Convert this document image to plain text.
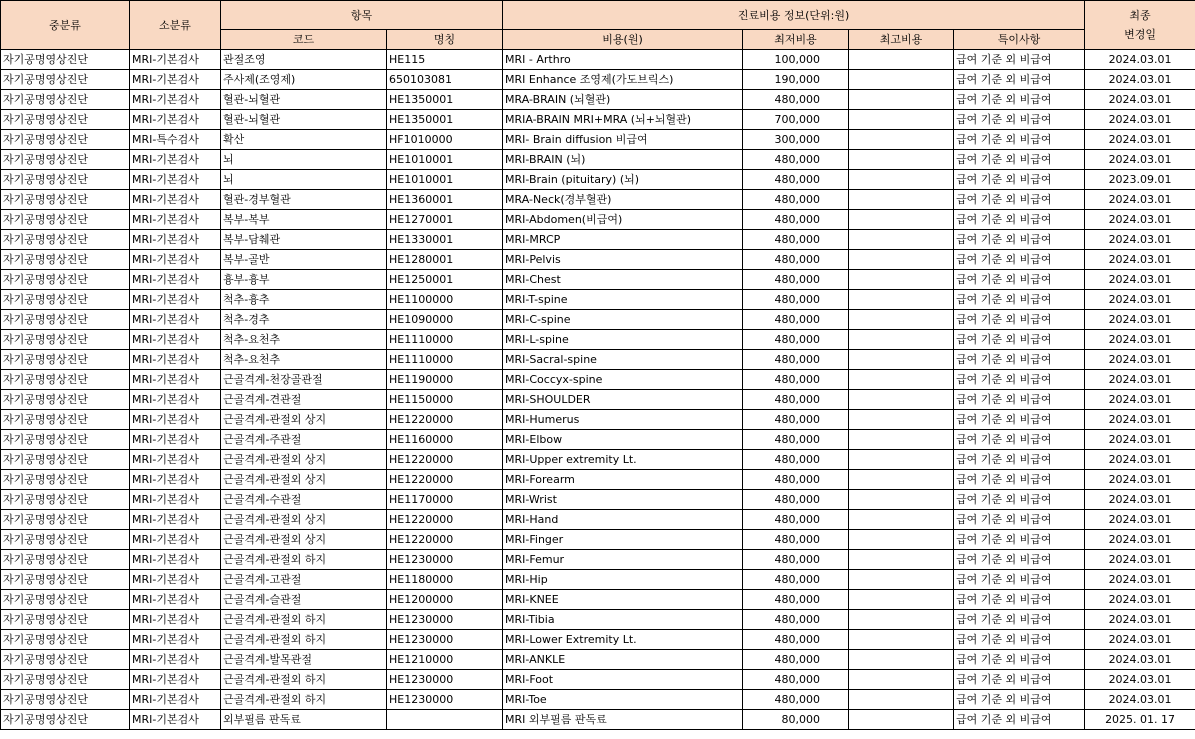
중분류	소분류	항목		진료비용 정보(단위:원)				최종
변경일
		코드	명칭	비용(원)	최저비용	최고비용	특이사항	
자기공명영상진단	MRI-기본검사	관절조영	HE115	MRI - Arthro	100,000		급여 기준 외 비급여	2024.03.01
자기공명영상진단	MRI-기본검사	주사제(조영제)	650103081	MRI Enhance 조영제(가도브릭스)	190,000		급여 기준 외 비급여	2024.03.01
자기공명영상진단	MRI-기본검사	혈관-뇌혈관	HE1350001	MRA-BRAIN (뇌혈관)	480,000		급여 기준 외 비급여	2024.03.01
자기공명영상진단	MRI-기본검사	혈관-뇌혈관	HE1350001	MRIA-BRAIN MRI+MRA (뇌+뇌혈관)	700,000		급여 기준 외 비급여	2024.03.01
자기공명영상진단	MRI-특수검사	확산	HF1010000	MRI- Brain diffusion 비급여	300,000		급여 기준 외 비급여	2024.03.01
자기공명영상진단	MRI-기본검사	뇌	HE1010001	MRI-BRAIN (뇌)	480,000		급여 기준 외 비급여	2024.03.01
자기공명영상진단	MRI-기본검사	뇌	HE1010001	MRI-Brain (pituitary) (뇌)	480,000		급여 기준 외 비급여	2023.09.01
자기공명영상진단	MRI-기본검사	혈관-경부혈관	HE1360001	MRA-Neck(경부혈관)	480,000		급여 기준 외 비급여	2024.03.01
자기공명영상진단	MRI-기본검사	복부-복부	HE1270001	MRI-Abdomen(비급여)	480,000		급여 기준 외 비급여	2024.03.01
자기공명영상진단	MRI-기본검사	복부-담췌관	HE1330001	MRI-MRCP	480,000		급여 기준 외 비급여	2024.03.01
자기공명영상진단	MRI-기본검사	복부-골반	HE1280001	MRI-Pelvis	480,000		급여 기준 외 비급여	2024.03.01
자기공명영상진단	MRI-기본검사	흉부-흉부	HE1250001	MRI-Chest	480,000		급여 기준 외 비급여	2024.03.01
자기공명영상진단	MRI-기본검사	척추-흉추	HE1100000	MRI-T-spine	480,000		급여 기준 외 비급여	2024.03.01
자기공명영상진단	MRI-기본검사	척추-경추	HE1090000	MRI-C-spine	480,000		급여 기준 외 비급여	2024.03.01
자기공명영상진단	MRI-기본검사	척추-요천추	HE1110000	MRI-L-spine	480,000		급여 기준 외 비급여	2024.03.01
자기공명영상진단	MRI-기본검사	척추-요천추	HE1110000	MRI-Sacral-spine	480,000		급여 기준 외 비급여	2024.03.01
자기공명영상진단	MRI-기본검사	근골격계-천장골관절	HE1190000	MRI-Coccyx-spine	480,000		급여 기준 외 비급여	2024.03.01
자기공명영상진단	MRI-기본검사	근골격계-견관절	HE1150000	MRI-SHOULDER	480,000		급여 기준 외 비급여	2024.03.01
자기공명영상진단	MRI-기본검사	근골격계-관절외 상지	HE1220000	MRI-Humerus	480,000		급여 기준 외 비급여	2024.03.01
자기공명영상진단	MRI-기본검사	근골격계-주관절	HE1160000	MRI-Elbow	480,000		급여 기준 외 비급여	2024.03.01
자기공명영상진단	MRI-기본검사	근골격계-관절외 상지	HE1220000	MRI-Upper extremity Lt.	480,000		급여 기준 외 비급여	2024.03.01
자기공명영상진단	MRI-기본검사	근골격계-관절외 상지	HE1220000	MRI-Forearm	480,000		급여 기준 외 비급여	2024.03.01
자기공명영상진단	MRI-기본검사	근골격계-수관절	HE1170000	MRI-Wrist	480,000		급여 기준 외 비급여	2024.03.01
자기공명영상진단	MRI-기본검사	근골격계-관절외 상지	HE1220000	MRI-Hand	480,000		급여 기준 외 비급여	2024.03.01
자기공명영상진단	MRI-기본검사	근골격계-관절외 상지	HE1220000	MRI-Finger	480,000		급여 기준 외 비급여	2024.03.01
자기공명영상진단	MRI-기본검사	근골격계-관절외 하지	HE1230000	MRI-Femur	480,000		급여 기준 외 비급여	2024.03.01
자기공명영상진단	MRI-기본검사	근골격계-고관절	HE1180000	MRI-Hip	480,000		급여 기준 외 비급여	2024.03.01
자기공명영상진단	MRI-기본검사	근골격계-슬관절	HE1200000	MRI-KNEE	480,000		급여 기준 외 비급여	2024.03.01
자기공명영상진단	MRI-기본검사	근골격계-관절외 하지	HE1230000	MRI-Tibia	480,000		급여 기준 외 비급여	2024.03.01
자기공명영상진단	MRI-기본검사	근골격계-관절외 하지	HE1230000	MRI-Lower Extremity Lt.	480,000		급여 기준 외 비급여	2024.03.01
자기공명영상진단	MRI-기본검사	근골격계-발목관절	HE1210000	MRI-ANKLE	480,000		급여 기준 외 비급여	2024.03.01
자기공명영상진단	MRI-기본검사	근골격계-관절외 하지	HE1230000	MRI-Foot	480,000		급여 기준 외 비급여	2024.03.01
자기공명영상진단	MRI-기본검사	근골격계-관절외 하지	HE1230000	MRI-Toe	480,000		급여 기준 외 비급여	2024.03.01
자기공명영상진단	MRI-기본검사	외부필름 판독료		MRI 외부필름 판독료	80,000		급여 기준 외 비급여	2025. 01. 17
